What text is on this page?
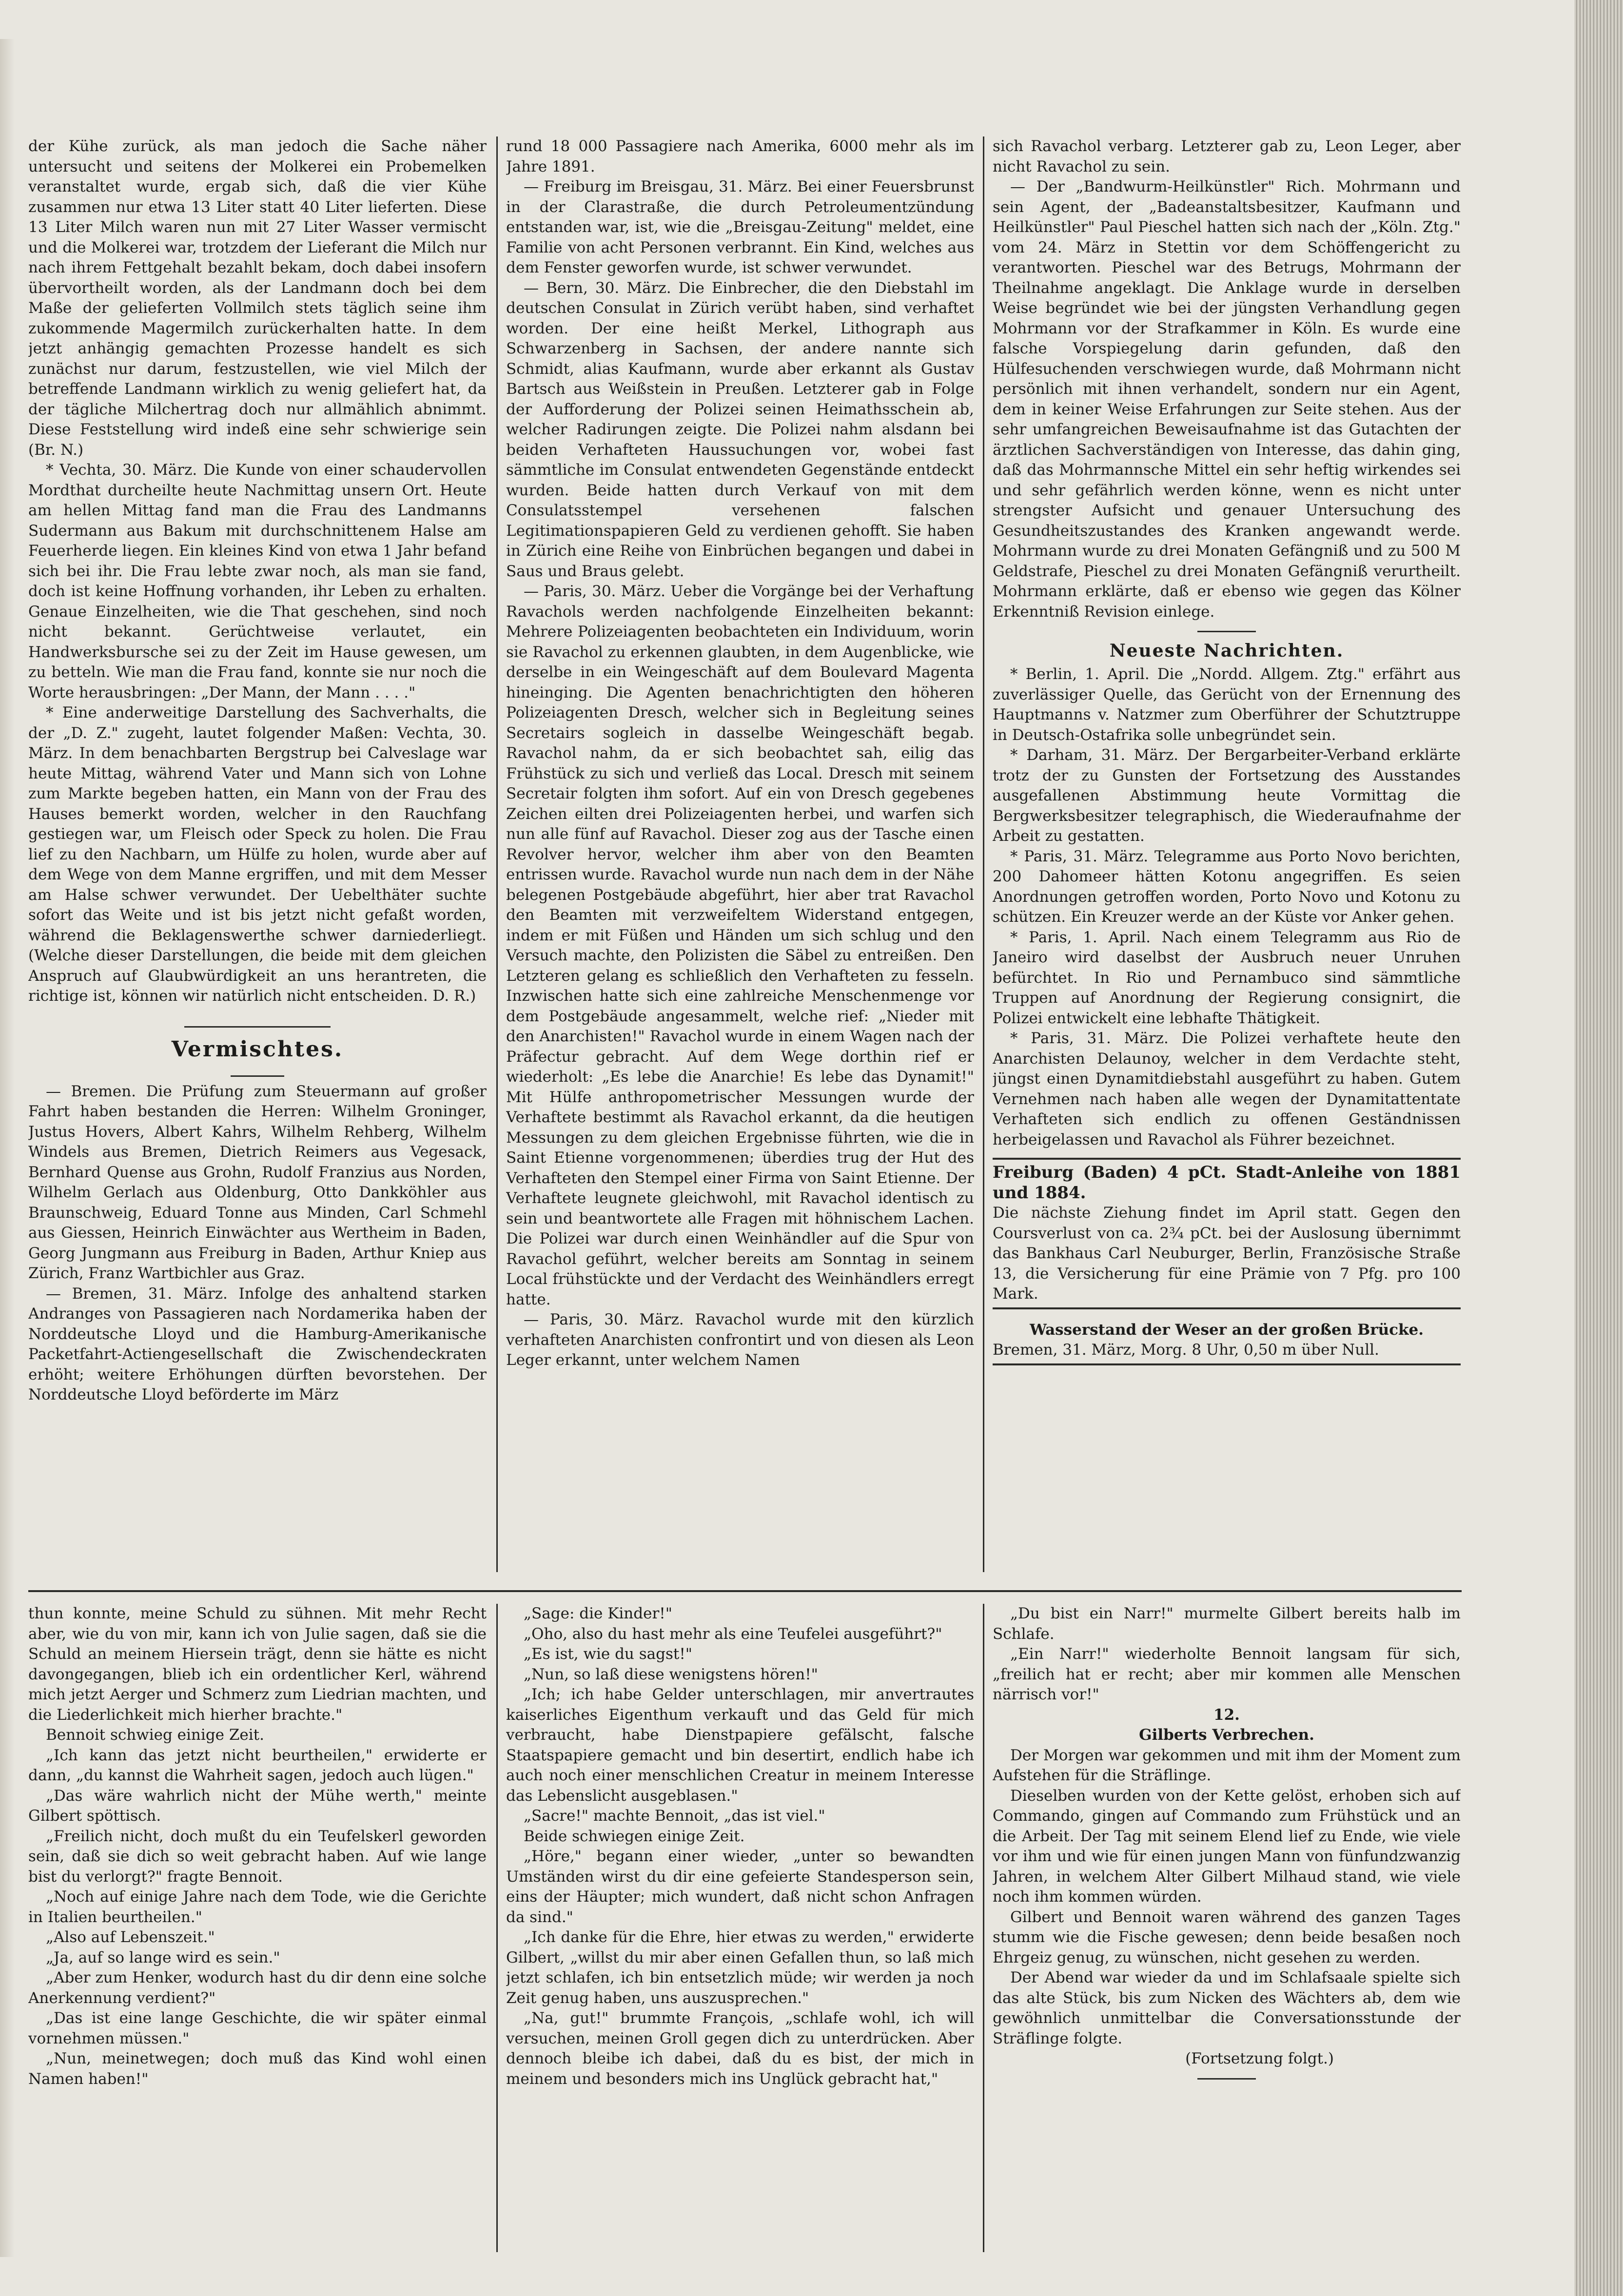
der Kühe zurück, als man jedoch die Sache näher untersucht und seitens der Molkerei ein Probemelken veranstaltet wurde, ergab sich, daß die vier Kühe zusammen nur etwa 13 Liter statt 40 Liter lieferten. Diese 13 Liter Milch waren nun mit 27 Liter Wasser vermischt und die Molkerei war, trotzdem der Lieferant die Milch nur nach ihrem Fettgehalt bezahlt bekam, doch dabei insofern übervortheilt worden, als der Landmann doch bei dem Maße der gelieferten Vollmilch stets täglich seine ihm zukommende Magermilch zurückerhalten hatte. In dem jetzt anhängig gemachten Prozesse handelt es sich zunächst nur darum, festzustellen, wie viel Milch der betreffende Landmann wirklich zu wenig geliefert hat, da der tägliche Milchertrag doch nur allmählich abnimmt. Diese Feststellung wird indeß eine sehr schwierige sein (Br. N.)

* Vechta, 30. März. Die Kunde von einer schaudervollen Mordthat durcheilte heute Nachmittag unsern Ort. Heute am hellen Mittag fand man die Frau des Landmanns Sudermann aus Bakum mit durchschnittenem Halse am Feuerherde liegen. Ein kleines Kind von etwa 1 Jahr befand sich bei ihr. Die Frau lebte zwar noch, als man sie fand, doch ist keine Hoffnung vorhanden, ihr Leben zu erhalten. Genaue Einzelheiten, wie die That geschehen, sind noch nicht bekannt. Gerüchtweise verlautet, ein Handwerksbursche sei zu der Zeit im Hause gewesen, um zu betteln. Wie man die Frau fand, konnte sie nur noch die Worte herausbringen: „Der Mann, der Mann . . . ."

* Eine anderweitige Darstellung des Sachverhalts, die der „D. Z." zugeht, lautet folgender Maßen: Vechta, 30. März. In dem benachbarten Bergstrup bei Calveslage war heute Mittag, während Vater und Mann sich von Lohne zum Markte begeben hatten, ein Mann von der Frau des Hauses bemerkt worden, welcher in den Rauchfang gestiegen war, um Fleisch oder Speck zu holen. Die Frau lief zu den Nachbarn, um Hülfe zu holen, wurde aber auf dem Wege von dem Manne ergriffen, und mit dem Messer am Halse schwer verwundet. Der Uebelthäter suchte sofort das Weite und ist bis jetzt nicht gefaßt worden, während die Beklagenswerthe schwer darniederliegt. (Welche dieser Darstellungen, die beide mit dem gleichen Anspruch auf Glaubwürdigkeit an uns herantreten, die richtige ist, können wir natürlich nicht entscheiden. D. R.)

Vermischtes.

— Bremen. Die Prüfung zum Steuermann auf großer Fahrt haben bestanden die Herren: Wilhelm Groninger, Justus Hovers, Albert Kahrs, Wilhelm Rehberg, Wilhelm Windels aus Bremen, Dietrich Reimers aus Vegesack, Bernhard Quense aus Grohn, Rudolf Franzius aus Norden, Wilhelm Gerlach aus Oldenburg, Otto Dankköhler aus Braunschweig, Eduard Tonne aus Minden, Carl Schmehl aus Giessen, Heinrich Einwächter aus Wertheim in Baden, Georg Jungmann aus Freiburg in Baden, Arthur Kniep aus Zürich, Franz Wartbichler aus Graz.

— Bremen, 31. März. Infolge des anhaltend starken Andranges von Passagieren nach Nordamerika haben der Norddeutsche Lloyd und die Hamburg-Amerikanische Packetfahrt-Actiengesellschaft die Zwischendeckraten erhöht; weitere Erhöhungen dürften bevorstehen. Der Norddeutsche Lloyd beförderte im März

rund 18 000 Passagiere nach Amerika, 6000 mehr als im Jahre 1891.

— Freiburg im Breisgau, 31. März. Bei einer Feuersbrunst in der Clarastraße, die durch Petroleumentzündung entstanden war, ist, wie die „Breisgau-Zeitung" meldet, eine Familie von acht Personen verbrannt. Ein Kind, welches aus dem Fenster geworfen wurde, ist schwer verwundet.

— Bern, 30. März. Die Einbrecher, die den Diebstahl im deutschen Consulat in Zürich verübt haben, sind verhaftet worden. Der eine heißt Merkel, Lithograph aus Schwarzenberg in Sachsen, der andere nannte sich Schmidt, alias Kaufmann, wurde aber erkannt als Gustav Bartsch aus Weißstein in Preußen. Letzterer gab in Folge der Aufforderung der Polizei seinen Heimathsschein ab, welcher Radirungen zeigte. Die Polizei nahm alsdann bei beiden Verhafteten Haussuchungen vor, wobei fast sämmtliche im Consulat entwendeten Gegenstände entdeckt wurden. Beide hatten durch Verkauf von mit dem Consulatsstempel versehenen falschen Legitimationspapieren Geld zu verdienen gehofft. Sie haben in Zürich eine Reihe von Einbrüchen begangen und dabei in Saus und Braus gelebt.

— Paris, 30. März. Ueber die Vorgänge bei der Verhaftung Ravachols werden nachfolgende Einzelheiten bekannt: Mehrere Polizeiagenten beobachteten ein Individuum, worin sie Ravachol zu erkennen glaubten, in dem Augenblicke, wie derselbe in ein Weingeschäft auf dem Boulevard Magenta hineinging. Die Agenten benachrichtigten den höheren Polizeiagenten Dresch, welcher sich in Begleitung seines Secretairs sogleich in dasselbe Weingeschäft begab. Ravachol nahm, da er sich beobachtet sah, eilig das Frühstück zu sich und verließ das Local. Dresch mit seinem Secretair folgten ihm sofort. Auf ein von Dresch gegebenes Zeichen eilten drei Polizeiagenten herbei, und warfen sich nun alle fünf auf Ravachol. Dieser zog aus der Tasche einen Revolver hervor, welcher ihm aber von den Beamten entrissen wurde. Ravachol wurde nun nach dem in der Nähe belegenen Postgebäude abgeführt, hier aber trat Ravachol den Beamten mit verzweifeltem Widerstand entgegen, indem er mit Füßen und Händen um sich schlug und den Versuch machte, den Polizisten die Säbel zu entreißen. Den Letzteren gelang es schließlich den Verhafteten zu fesseln. Inzwischen hatte sich eine zahlreiche Menschenmenge vor dem Postgebäude angesammelt, welche rief: „Nieder mit den Anarchisten!" Ravachol wurde in einem Wagen nach der Präfectur gebracht. Auf dem Wege dorthin rief er wiederholt: „Es lebe die Anarchie! Es lebe das Dynamit!" Mit Hülfe anthropometrischer Messungen wurde der Verhaftete bestimmt als Ravachol erkannt, da die heutigen Messungen zu dem gleichen Ergebnisse führten, wie die in Saint Etienne vorgenommenen; überdies trug der Hut des Verhafteten den Stempel einer Firma von Saint Etienne. Der Verhaftete leugnete gleichwohl, mit Ravachol identisch zu sein und beantwortete alle Fragen mit höhnischem Lachen. Die Polizei war durch einen Weinhändler auf die Spur von Ravachol geführt, welcher bereits am Sonntag in seinem Local frühstückte und der Verdacht des Weinhändlers erregt hatte.

— Paris, 30. März. Ravachol wurde mit den kürzlich verhafteten Anarchisten confrontirt und von diesen als Leon Leger erkannt, unter welchem Namen

sich Ravachol verbarg. Letzterer gab zu, Leon Leger, aber nicht Ravachol zu sein.

— Der „Bandwurm-Heilkünstler" Rich. Mohrmann und sein Agent, der „Badeanstaltsbesitzer, Kaufmann und Heilkünstler" Paul Pieschel hatten sich nach der „Köln. Ztg." vom 24. März in Stettin vor dem Schöffengericht zu verantworten. Pieschel war des Betrugs, Mohrmann der Theilnahme angeklagt. Die Anklage wurde in derselben Weise begründet wie bei der jüngsten Verhandlung gegen Mohrmann vor der Strafkammer in Köln. Es wurde eine falsche Vorspiegelung darin gefunden, daß den Hülfesuchenden verschwiegen wurde, daß Mohrmann nicht persönlich mit ihnen verhandelt, sondern nur ein Agent, dem in keiner Weise Erfahrungen zur Seite stehen. Aus der sehr umfangreichen Beweisaufnahme ist das Gutachten der ärztlichen Sachverständigen von Interesse, das dahin ging, daß das Mohrmannsche Mittel ein sehr heftig wirkendes sei und sehr gefährlich werden könne, wenn es nicht unter strengster Aufsicht und genauer Untersuchung des Gesundheitszustandes des Kranken angewandt werde. Mohrmann wurde zu drei Monaten Gefängniß und zu 500 M Geldstrafe, Pieschel zu drei Monaten Gefängniß verurtheilt. Mohrmann erklärte, daß er ebenso wie gegen das Kölner Erkenntniß Revision einlege.

Neueste Nachrichten.

* Berlin, 1. April. Die „Nordd. Allgem. Ztg." erfährt aus zuverlässiger Quelle, das Gerücht von der Ernennung des Hauptmanns v. Natzmer zum Oberführer der Schutztruppe in Deutsch-Ostafrika solle unbegründet sein.

* Darham, 31. März. Der Bergarbeiter-Verband erklärte trotz der zu Gunsten der Fortsetzung des Ausstandes ausgefallenen Abstimmung heute Vormittag die Bergwerksbesitzer telegraphisch, die Wiederaufnahme der Arbeit zu gestatten.

* Paris, 31. März. Telegramme aus Porto Novo berichten, 200 Dahomeer hätten Kotonu angegriffen. Es seien Anordnungen getroffen worden, Porto Novo und Kotonu zu schützen. Ein Kreuzer werde an der Küste vor Anker gehen.

* Paris, 1. April. Nach einem Telegramm aus Rio de Janeiro wird daselbst der Ausbruch neuer Unruhen befürchtet. In Rio und Pernambuco sind sämmtliche Truppen auf Anordnung der Regierung consignirt, die Polizei entwickelt eine lebhafte Thätigkeit.

* Paris, 31. März. Die Polizei verhaftete heute den Anarchisten Delaunoy, welcher in dem Verdachte steht, jüngst einen Dynamitdiebstahl ausgeführt zu haben. Gutem Vernehmen nach haben alle wegen der Dynamitattentate Verhafteten sich endlich zu offenen Geständnissen herbeigelassen und Ravachol als Führer bezeichnet.

Freiburg (Baden) 4 pCt. Stadt-Anleihe von 1881 und 1884.

Die nächste Ziehung findet im April statt. Gegen den Coursverlust von ca. 2¾ pCt. bei der Auslosung übernimmt das Bankhaus Carl Neuburger, Berlin, Französische Straße 13, die Versicherung für eine Prämie von 7 Pfg. pro 100 Mark.

Wasserstand der Weser an der großen Brücke.

Bremen, 31. März, Morg. 8 Uhr, 0,50 m über Null.

thun konnte, meine Schuld zu sühnen. Mit mehr Recht aber, wie du von mir, kann ich von Julie sagen, daß sie die Schuld an meinem Hiersein trägt, denn sie hätte es nicht davongegangen, blieb ich ein ordentlicher Kerl, während mich jetzt Aerger und Schmerz zum Liedrian machten, und die Liederlichkeit mich hierher brachte."

Bennoit schwieg einige Zeit.

„Ich kann das jetzt nicht beurtheilen," erwiderte er dann, „du kannst die Wahrheit sagen, jedoch auch lügen."

„Das wäre wahrlich nicht der Mühe werth," meinte Gilbert spöttisch.

„Freilich nicht, doch mußt du ein Teufelskerl geworden sein, daß sie dich so weit gebracht haben. Auf wie lange bist du verlorgt?" fragte Bennoit.

„Noch auf einige Jahre nach dem Tode, wie die Gerichte in Italien beurtheilen."

„Also auf Lebenszeit."

„Ja, auf so lange wird es sein."

„Aber zum Henker, wodurch hast du dir denn eine solche Anerkennung verdient?"

„Das ist eine lange Geschichte, die wir später einmal vornehmen müssen."

„Nun, meinetwegen; doch muß das Kind wohl einen Namen haben!"

„Sage: die Kinder!"

„Oho, also du hast mehr als eine Teufelei ausgeführt?"

„Es ist, wie du sagst!"

„Nun, so laß diese wenigstens hören!"

„Ich; ich habe Gelder unterschlagen, mir anvertrautes kaiserliches Eigenthum verkauft und das Geld für mich verbraucht, habe Dienstpapiere gefälscht, falsche Staatspapiere gemacht und bin desertirt, endlich habe ich auch noch einer menschlichen Creatur in meinem Interesse das Lebenslicht ausgeblasen."

„Sacre!" machte Bennoit, „das ist viel."

Beide schwiegen einige Zeit.

„Höre," begann einer wieder, „unter so bewandten Umständen wirst du dir eine gefeierte Standesperson sein, eins der Häupter; mich wundert, daß nicht schon Anfragen da sind."

„Ich danke für die Ehre, hier etwas zu werden," erwiderte Gilbert, „willst du mir aber einen Gefallen thun, so laß mich jetzt schlafen, ich bin entsetzlich müde; wir werden ja noch Zeit genug haben, uns auszusprechen."

„Na, gut!" brummte François, „schlafe wohl, ich will versuchen, meinen Groll gegen dich zu unterdrücken. Aber dennoch bleibe ich dabei, daß du es bist, der mich in meinem und besonders mich ins Unglück gebracht hat,"

„Du bist ein Narr!" murmelte Gilbert bereits halb im Schlafe.

„Ein Narr!" wiederholte Bennoit langsam für sich, „freilich hat er recht; aber mir kommen alle Menschen närrisch vor!"

12.

Gilberts Verbrechen.

Der Morgen war gekommen und mit ihm der Moment zum Aufstehen für die Sträflinge.

Dieselben wurden von der Kette gelöst, erhoben sich auf Commando, gingen auf Commando zum Frühstück und an die Arbeit. Der Tag mit seinem Elend lief zu Ende, wie viele vor ihm und wie für einen jungen Mann von fünfundzwanzig Jahren, in welchem Alter Gilbert Milhaud stand, wie viele noch ihm kommen würden.

Gilbert und Bennoit waren während des ganzen Tages stumm wie die Fische gewesen; denn beide besaßen noch Ehrgeiz genug, zu wünschen, nicht gesehen zu werden.

Der Abend war wieder da und im Schlafsaale spielte sich das alte Stück, bis zum Nicken des Wächters ab, dem wie gewöhnlich unmittelbar die Conversationsstunde der Sträflinge folgte.

(Fortsetzung folgt.)
